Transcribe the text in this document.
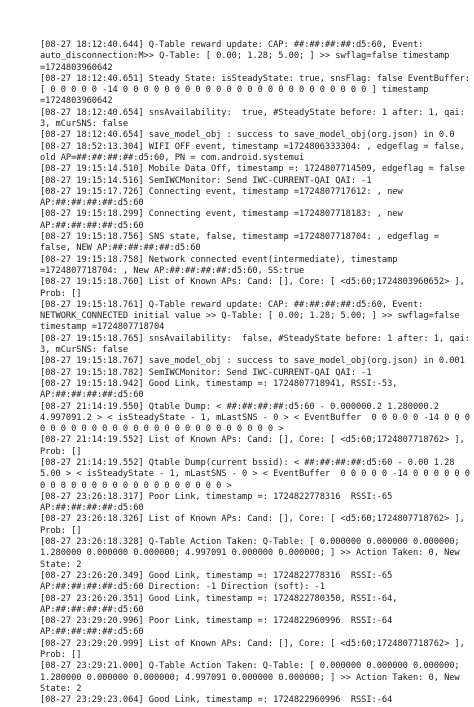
[08-27 18:12:40.644] Q-Table reward update: CAP: ##:##:##:##:d5:60, Event:
auto_disconnection:M>> Q-Table: [ 0.00; 1.28; 5.00; ] >> swflag=false timestamp
=1724803960642
[08-27 18:12:40.651] Steady State: isSteadyState: true, snsFlag: false EventBuffer:
[ 0 0 0 0 0 -14 0 0 0 0 0 0 0 0 0 0 0 0 0 0 0 0 0 0 0 0 0 0 0 0 ] timestamp
=1724803960642
[08-27 18:12:40.654] snsAvailability:  true, #SteadyState before: 1 after: 1, qai:
3, mCurSNS: false
[08-27 18:12:40.654] save_model_obj : success to save_model_obj(org.json) in 0.0
[08-27 18:52:13.304] WIFI OFF event, timestamp =1724806333304: , edgeflag = false,
old AP=##:##:##:##:d5:60, PN = com.android.systemui
[08-27 19:15:14.510] Mobile Data Off, timestamp =: 1724807714509, edgeflag = false
[08-27 19:15:14.516] SemIWCMonitor: Send IWC-CURRENT-QAI QAI: -1
[08-27 19:15:17.726] Connecting event, timestamp =1724807717612: , new
AP:##:##:##:##:d5:60
[08-27 19:15:18.299] Connecting event, timestamp =1724807718183: , new
AP:##:##:##:##:d5:60
[08-27 19:15:18.756] SNS state, false, timestamp =1724807718704: , edgeflag =
false, NEW AP:##:##:##:##:d5:60
[08-27 19:15:18.758] Network connected event(intermediate), timestamp
=1724807718704: , New AP:##:##:##:##:d5:60, SS:true
[08-27 19:15:18.760] List of Known APs: Cand: [], Core: [ <d5:60;1724803960652> ],
Prob: []
[08-27 19:15:18.761] Q-Table reward update: CAP: ##:##:##:##:d5:60, Event:
NETWORK_CONNECTED initial value >> Q-Table: [ 0.00; 1.28; 5.00; ] >> swflag=false
timestamp =1724807718704
[08-27 19:15:18.765] snsAvailability:  false, #SteadyState before: 1 after: 1, qai:
3, mCurSNS: false
[08-27 19:15:18.767] save_model_obj : success to save_model_obj(org.json) in 0.001
[08-27 19:15:18.782] SemIWCMonitor: Send IWC-CURRENT-QAI QAI: -1
[08-27 19:15:18.942] Good Link, timestamp =: 1724807718941, RSSI:-53,
AP:##:##:##:##:d5:60
[08-27 21:14:19.550] Qtable Dump: < ##:##:##:##:d5:60 - 0.000000.2 1.280000.2
4.997091.2 > < isSteadyState - 1, mLastSNS - 0 > < EventBuffer  0 0 0 0 0 -14 0 0 0
0 0 0 0 0 0 0 0 0 0 0 0 0 0 0 0 0 0 0 0 0 0 0 >
[08-27 21:14:19.552] List of Known APs: Cand: [], Core: [ <d5:60;1724807718762> ],
Prob: []
[08-27 21:14:19.552] Qtable Dump(current bssid): < ##:##:##:##:d5:60 - 0.00 1.28
5.00 > < isSteadyState - 1, mLastSNS - 0 > < EventBuffer  0 0 0 0 0 -14 0 0 0 0 0 0
0 0 0 0 0 0 0 0 0 0 0 0 0 0 0 0 0 0 >
[08-27 23:26:18.317] Poor Link, timestamp =: 1724822778316  RSSI:-65
AP:##:##:##:##:d5:60
[08-27 23:26:18.326] List of Known APs: Cand: [], Core: [ <d5:60;1724807718762> ],
Prob: []
[08-27 23:26:18.328] Q-Table Action Taken: Q-Table: [ 0.000000 0.000000 0.000000;
1.280000 0.000000 0.000000; 4.997091 0.000000 0.000000; ] >> Action Taken: 0, New
State: 2
[08-27 23:26:20.349] Good Link, timestamp =: 1724822778316  RSSI:-65
AP:##:##:##:##:d5:60 Direction: -1 Direction (soft): -1
[08-27 23:26:20.351] Good Link, timestamp =: 1724822780350, RSSI:-64,
AP:##:##:##:##:d5:60
[08-27 23:29:20.996] Poor Link, timestamp =: 1724822960996  RSSI:-64
AP:##:##:##:##:d5:60
[08-27 23:29:20.999] List of Known APs: Cand: [], Core: [ <d5:60;1724807718762> ],
Prob: []
[08-27 23:29:21.000] Q-Table Action Taken: Q-Table: [ 0.000000 0.000000 0.000000;
1.280000 0.000000 0.000000; 4.997091 0.000000 0.000000; ] >> Action Taken: 0, New
State: 2
[08-27 23:29:23.064] Good Link, timestamp =: 1724822960996  RSSI:-64
